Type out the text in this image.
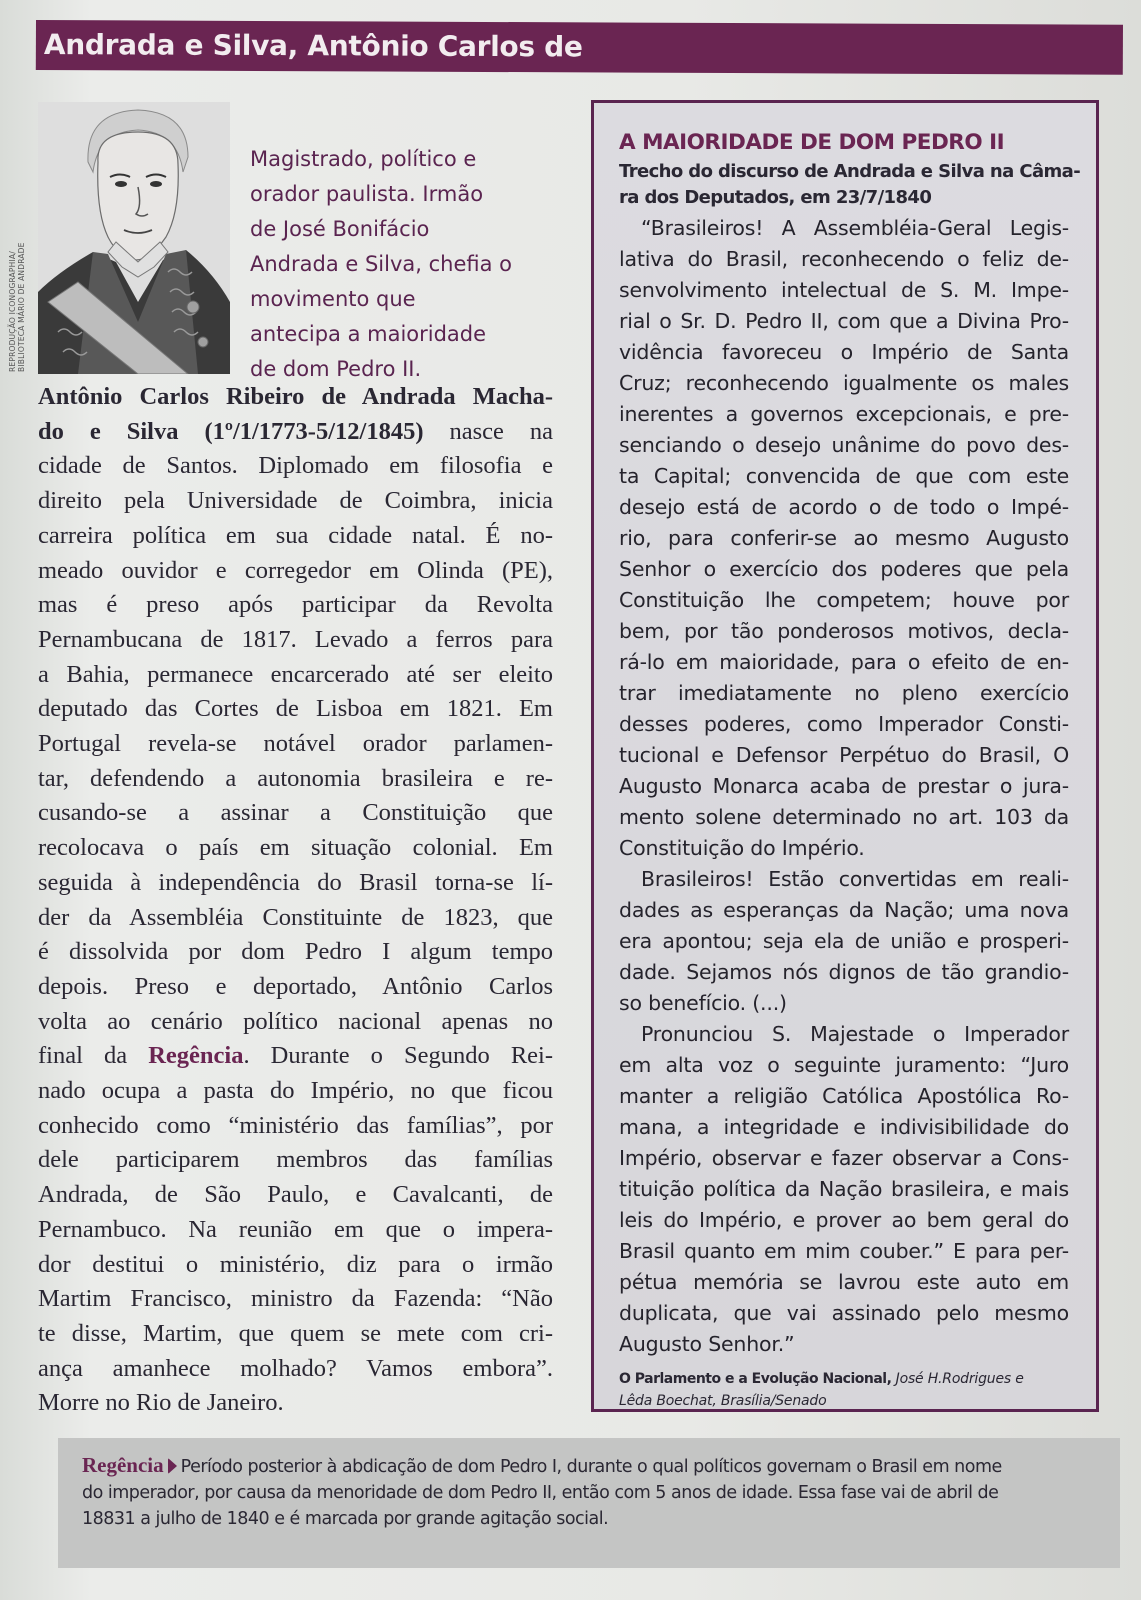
Andrada e Silva, Antônio Carlos de
REPRODUÇÃO ICONOGRAPHIA/ BIBLIOTECA MÁRIO DE ANDRADE
Magistrado, político e
orador paulista. Irmão
de José Bonifácio
Andrada e Silva, chefia o
movimento que
antecipa a maioridade
de dom Pedro II.
Antônio Carlos Ribeiro de Andrada Macha-
do e Silva (1º/1/1773-5/12/1845) nasce na
cidade de Santos. Diplomado em filosofia e
direito pela Universidade de Coimbra, inicia
carreira política em sua cidade natal. É no-
meado ouvidor e corregedor em Olinda (PE),
mas é preso após participar da Revolta
Pernambucana de 1817. Levado a ferros para
a Bahia, permanece encarcerado até ser eleito
deputado das Cortes de Lisboa em 1821. Em
Portugal revela-se notável orador parlamen-
tar, defendendo a autonomia brasileira e re-
cusando-se a assinar a Constituição que
recolocava o país em situação colonial. Em
seguida à independência do Brasil torna-se lí-
der da Assembléia Constituinte de 1823, que
é dissolvida por dom Pedro I algum tempo
depois. Preso e deportado, Antônio Carlos
volta ao cenário político nacional apenas no
final da Regência. Durante o Segundo Rei-
nado ocupa a pasta do Império, no que ficou
conhecido como “ministério das famílias”, por
dele participarem membros das famílias
Andrada, de São Paulo, e Cavalcanti, de
Pernambuco. Na reunião em que o impera-
dor destitui o ministério, diz para o irmão
Martim Francisco, ministro da Fazenda: “Não
te disse, Martim, que quem se mete com cri-
ança amanhece molhado? Vamos embora”.
Morre no Rio de Janeiro.
A MAIORIDADE DE DOM PEDRO II
Trecho do discurso de Andrada e Silva na Câma-
ra dos Deputados, em 23/7/1840
“Brasileiros! A Assembléia-Geral Legis-
lativa do Brasil, reconhecendo o feliz de-
senvolvimento intelectual de S. M. Impe-
rial o Sr. D. Pedro II, com que a Divina Pro-
vidência favoreceu o Império de Santa
Cruz; reconhecendo igualmente os males
inerentes a governos excepcionais, e pre-
senciando o desejo unânime do povo des-
ta Capital; convencida de que com este
desejo está de acordo o de todo o Impé-
rio, para conferir-se ao mesmo Augusto
Senhor o exercício dos poderes que pela
Constituição lhe competem; houve por
bem, por tão ponderosos motivos, decla-
rá-lo em maioridade, para o efeito de en-
trar imediatamente no pleno exercício
desses poderes, como Imperador Consti-
tucional e Defensor Perpétuo do Brasil, O
Augusto Monarca acaba de prestar o jura-
mento solene determinado no art. 103 da
Constituição do Império.
Brasileiros! Estão convertidas em reali-
dades as esperanças da Nação; uma nova
era apontou; seja ela de união e prosperi-
dade. Sejamos nós dignos de tão grandio-
so benefício. (...)
Pronunciou S. Majestade o Imperador
em alta voz o seguinte juramento: “Juro
manter a religião Católica Apostólica Ro-
mana, a integridade e indivisibilidade do
Império, observar e fazer observar a Cons-
tituição política da Nação brasileira, e mais
leis do Império, e prover ao bem geral do
Brasil quanto em mim couber.” E para per-
pétua memória se lavrou este auto em
duplicata, que vai assinado pelo mesmo
Augusto Senhor.”
O Parlamento e a Evolução Nacional, José H.Rodrigues e
Lêda Boechat, Brasília/Senado
Regência Período posterior à abdicação de dom Pedro I, durante o qual políticos governam o Brasil em nome
do imperador, por causa da menoridade de dom Pedro II, então com 5 anos de idade. Essa fase vai de abril de
18831 a julho de 1840 e é marcada por grande agitação social.
